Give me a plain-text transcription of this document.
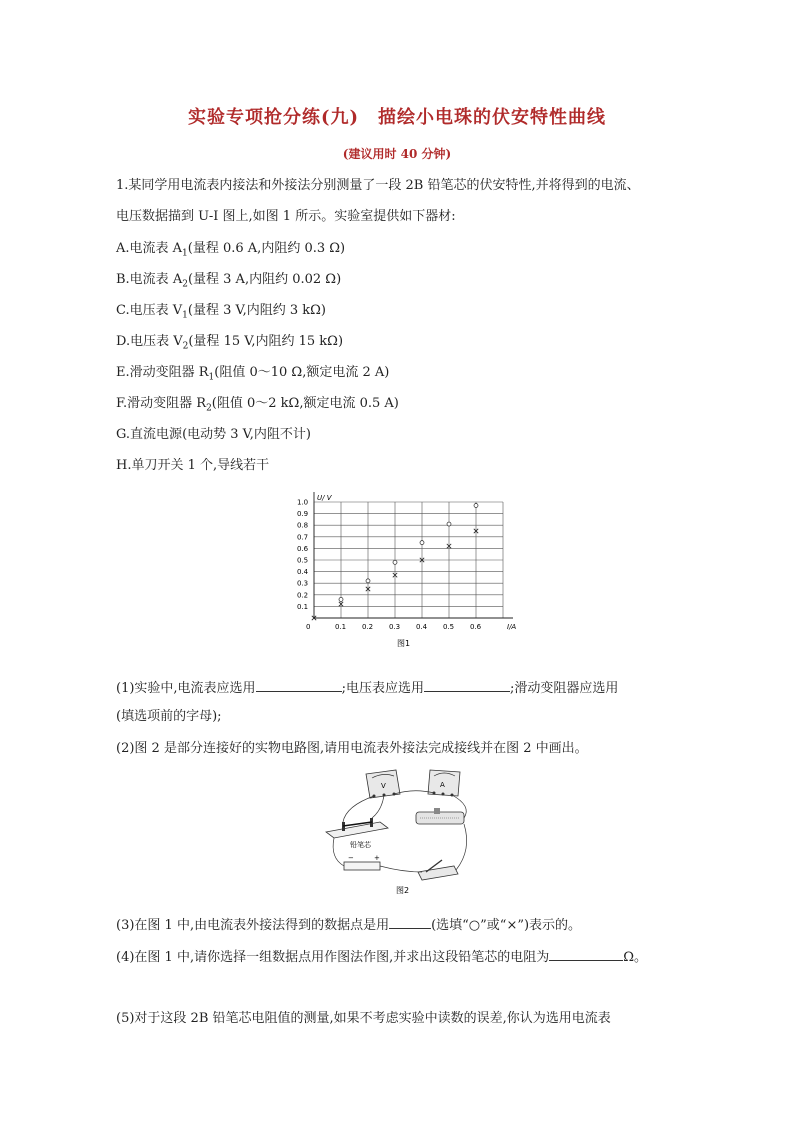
实验专项抢分练(九)　描绘小电珠的伏安特性曲线
(建议用时 40 分钟)
1.某同学用电流表内接法和外接法分别测量了一段 2B 铅笔芯的伏安特性,并将得到的电流、
电压数据描到 U-I 图上,如图 1 所示。实验室提供如下器材:
A.电流表 $A_1$(量程 0.6 A,内阻约 0.3 Ω)
B.电流表 $A_2$(量程 3 A,内阻约 0.02 Ω)
C.电压表 $V_1$(量程 3 V,内阻约 3 kΩ)
D.电压表 $V_2$(量程 15 V,内阻约 15 kΩ)
E.滑动变阻器 $R_1$(阻值 0～10 Ω,额定电流 2 A)
F.滑动变阻器 $R_2$(阻值 0～2 kΩ,额定电流 0.5 A)
G.直流电源(电动势 3 V,内阻不计)
H.单刀开关 1 个,导线若干
0.1 0.2 0.3 0.4 0.5 0.6
0.1
0.2
0.3
0.4
0.5
0.6
0.7
0.8
0.9
1.0
0	I/A
U/ V
图1
(1)实验中,电流表应选用	;电压表应选用	;滑动变阻器应选用
(填选项前的字母);
(2)图 2 是部分连接好的实物电路图,请用电流表外接法完成接线并在图 2 中画出。
V	A
铅笔芯
−	+
图2
(3)在图 1 中,由电流表外接法得到的数据点是用	(选填“○”或“×”)表示的。
(4)在图 1 中,请你选择一组数据点用作图法作图,并求出这段铅笔芯的电阻为	Ω。
(5)对于这段 2B 铅笔芯电阻值的测量,如果不考虑实验中读数的误差,你认为选用电流表
